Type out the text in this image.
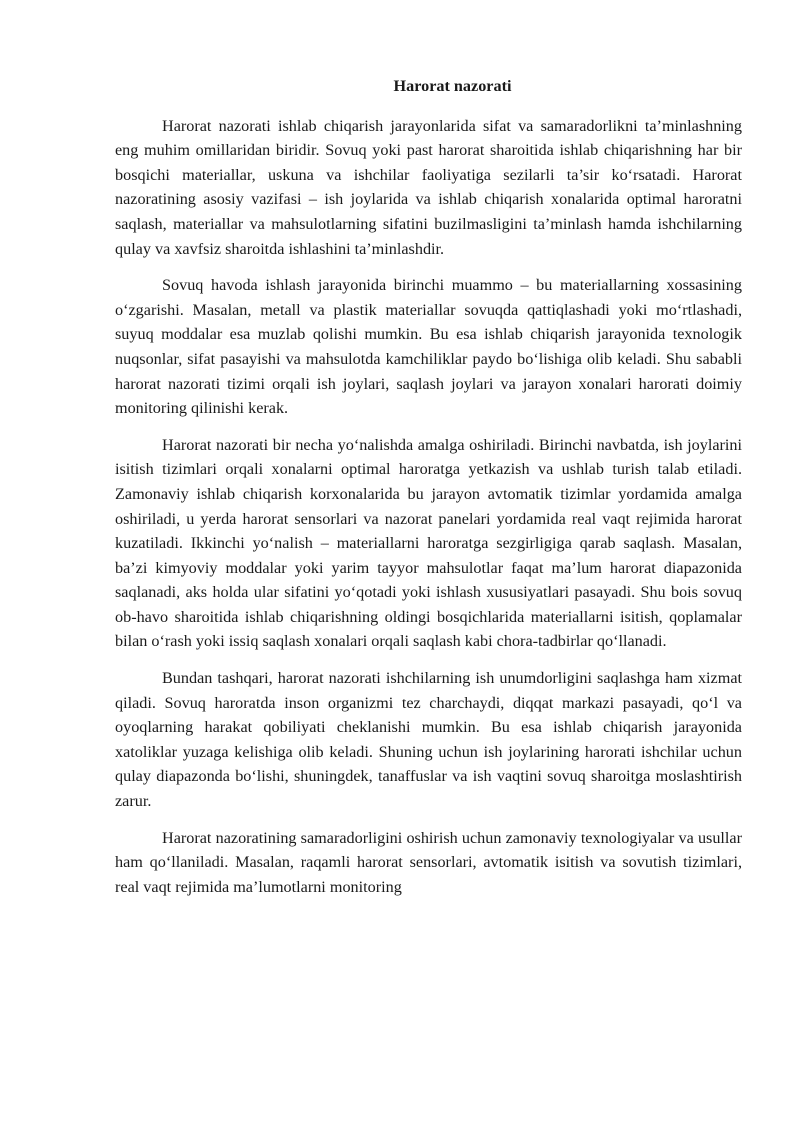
Harorat nazorati

Harorat nazorati ishlab chiqarish jarayonlarida sifat va samaradorlikni ta’minlashning eng muhim omillaridan biridir. Sovuq yoki past harorat sharoitida ishlab chiqarishning har bir bosqichi materiallar, uskuna va ishchilar faoliyatiga sezilarli ta’sir ko‘rsatadi. Harorat nazoratining asosiy vazifasi – ish joylarida va ishlab chiqarish xonalarida optimal haroratni saqlash, materiallar va mahsulotlarning sifatini buzilmasligini ta’minlash hamda ishchilarning qulay va xavfsiz sharoitda ishlashini ta’minlashdir.

Sovuq havoda ishlash jarayonida birinchi muammo – bu materiallarning xossasining o‘zgarishi. Masalan, metall va plastik materiallar sovuqda qattiqlashadi yoki mo‘rtlashadi, suyuq moddalar esa muzlab qolishi mumkin. Bu esa ishlab chiqarish jarayonida texnologik nuqsonlar, sifat pasayishi va mahsulotda kamchiliklar paydo bo‘lishiga olib keladi. Shu sababli harorat nazorati tizimi orqali ish joylari, saqlash joylari va jarayon xonalari harorati doimiy monitoring qilinishi kerak.

Harorat nazorati bir necha yo‘nalishda amalga oshiriladi. Birinchi navbatda, ish joylarini isitish tizimlari orqali xonalarni optimal haroratga yetkazish va ushlab turish talab etiladi. Zamonaviy ishlab chiqarish korxonalarida bu jarayon avtomatik tizimlar yordamida amalga oshiriladi, u yerda harorat sensorlari va nazorat panelari yordamida real vaqt rejimida harorat kuzatiladi. Ikkinchi yo‘nalish – materiallarni haroratga sezgirligiga qarab saqlash. Masalan, ba’zi kimyoviy moddalar yoki yarim tayyor mahsulotlar faqat ma’lum harorat diapazonida saqlanadi, aks holda ular sifatini yo‘qotadi yoki ishlash xususiyatlari pasayadi. Shu bois sovuq ob-havo sharoitida ishlab chiqarishning oldingi bosqichlarida materiallarni isitish, qoplamalar bilan o‘rash yoki issiq saqlash xonalari orqali saqlash kabi chora-tadbirlar qo‘llanadi.

Bundan tashqari, harorat nazorati ishchilarning ish unumdorligini saqlashga ham xizmat qiladi. Sovuq haroratda inson organizmi tez charchaydi, diqqat markazi pasayadi, qo‘l va oyoqlarning harakat qobiliyati cheklanishi mumkin. Bu esa ishlab chiqarish jarayonida xatoliklar yuzaga kelishiga olib keladi. Shuning uchun ish joylarining harorati ishchilar uchun qulay diapazonda bo‘lishi, shuningdek, tanaffuslar va ish vaqtini sovuq sharoitga moslashtirish zarur.

Harorat nazoratining samaradorligini oshirish uchun zamonaviy texnologiyalar va usullar ham qo‘llaniladi. Masalan, raqamli harorat sensorlari, avtomatik isitish va sovutish tizimlari, real vaqt rejimida ma’lumotlarni monitoring
